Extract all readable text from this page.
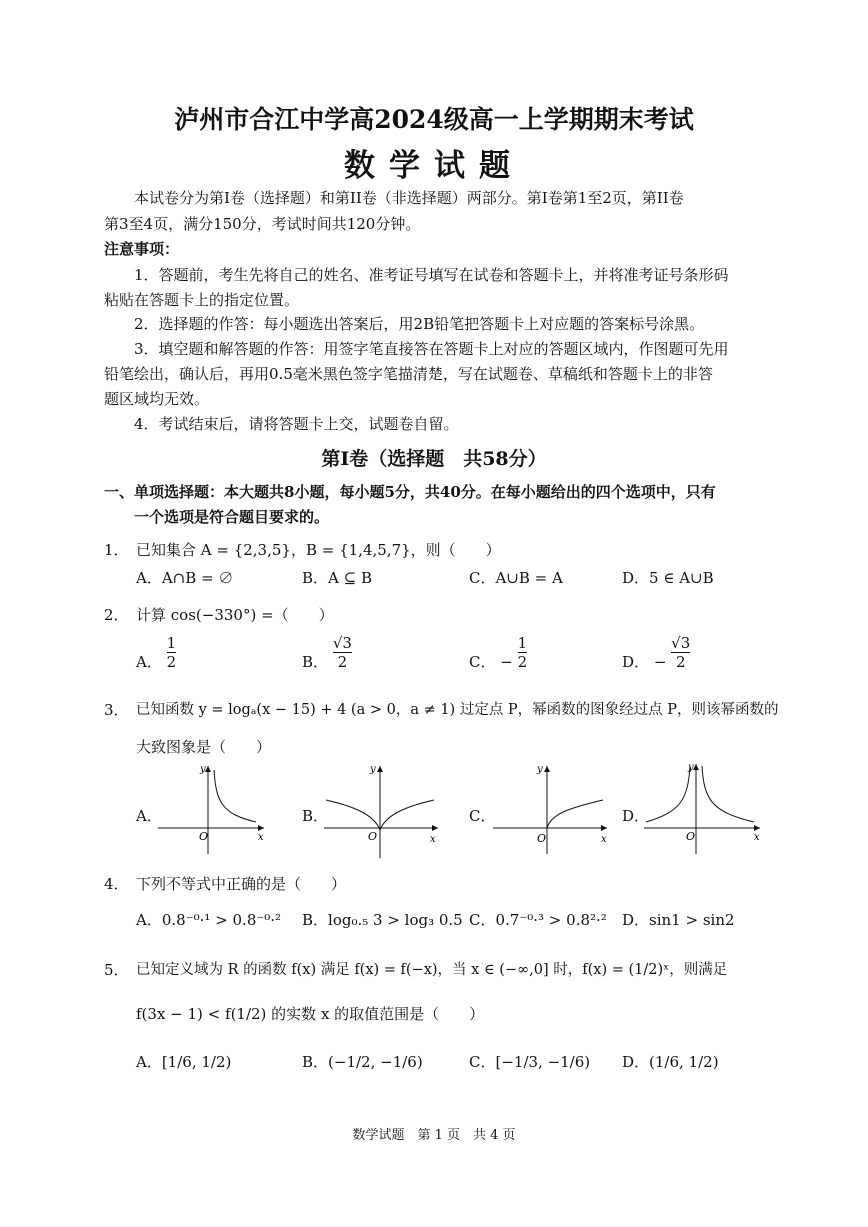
泸州市合江中学高2024级高一上学期期末考试
数学试题
本试卷分为第I卷（选择题）和第II卷（非选择题）两部分。第I卷第1至2页，第II卷
第3至4页，满分150分，考试时间共120分钟。
注意事项：
1．答题前，考生先将自己的姓名、准考证号填写在试卷和答题卡上，并将准考证号条形码
粘贴在答题卡上的指定位置。
2．选择题的作答：每小题选出答案后，用2B铅笔把答题卡上对应题的答案标号涂黑。
3．填空题和解答题的作答：用签字笔直接答在答题卡上对应的答题区域内，作图题可先用
铅笔绘出，确认后，再用0.5毫米黑色签字笔描清楚，写在试题卷、草稿纸和答题卡上的非答
题区域均无效。
4．考试结束后，请将答题卡上交，试题卷自留。
第I卷（选择题　共58分）
一、单项选择题：本大题共8小题，每小题5分，共40分。在每小题给出的四个选项中，只有
一个选项是符合题目要求的。
1． 已知集合 A = {2,3,5}，B = {1,4,5,7}，则（　　）
A．A∩B = ∅	B．A ⊆ B	C．A∪B = A	D．5 ∈ A∪B
2． 计算 cos(−330°) =（　　）
A． $\frac{1}{2}$	B． $\frac{√3}{2}$	C． − $\frac{1}{2}$	D． − $\frac{√3}{2}$
3． 已知函数 y = logₐ(x − 15) + 4 (a > 0，a ≠ 1) 过定点 P，幂函数的图象经过点 P，则该幂函数的
大致图象是（　　）
A．	B．	C．	D．
O	x
y
O	x
y
O	x
y
O	x
y
4． 下列不等式中正确的是（　　）
A．0.8⁻⁰·¹ > 0.8⁻⁰·² B．log₀.₅ 3 > log₃ 0.5 C．0.7⁻⁰·³ > 0.8²·² D．sin1 > sin2
5． 已知定义域为 R 的函数 f(x) 满足 f(x) = f(−x)，当 x ∈ (−∞,0] 时，f(x) = (1/2)ˣ，则满足
f(3x − 1) < f(1/2) 的实数 x 的取值范围是（　　）
A．[1/6, 1/2)	B．(−1/2, −1/6)	C．[−1/3, −1/6) D．(1/6, 1/2)
数学试题　第 1 页　共 4 页
